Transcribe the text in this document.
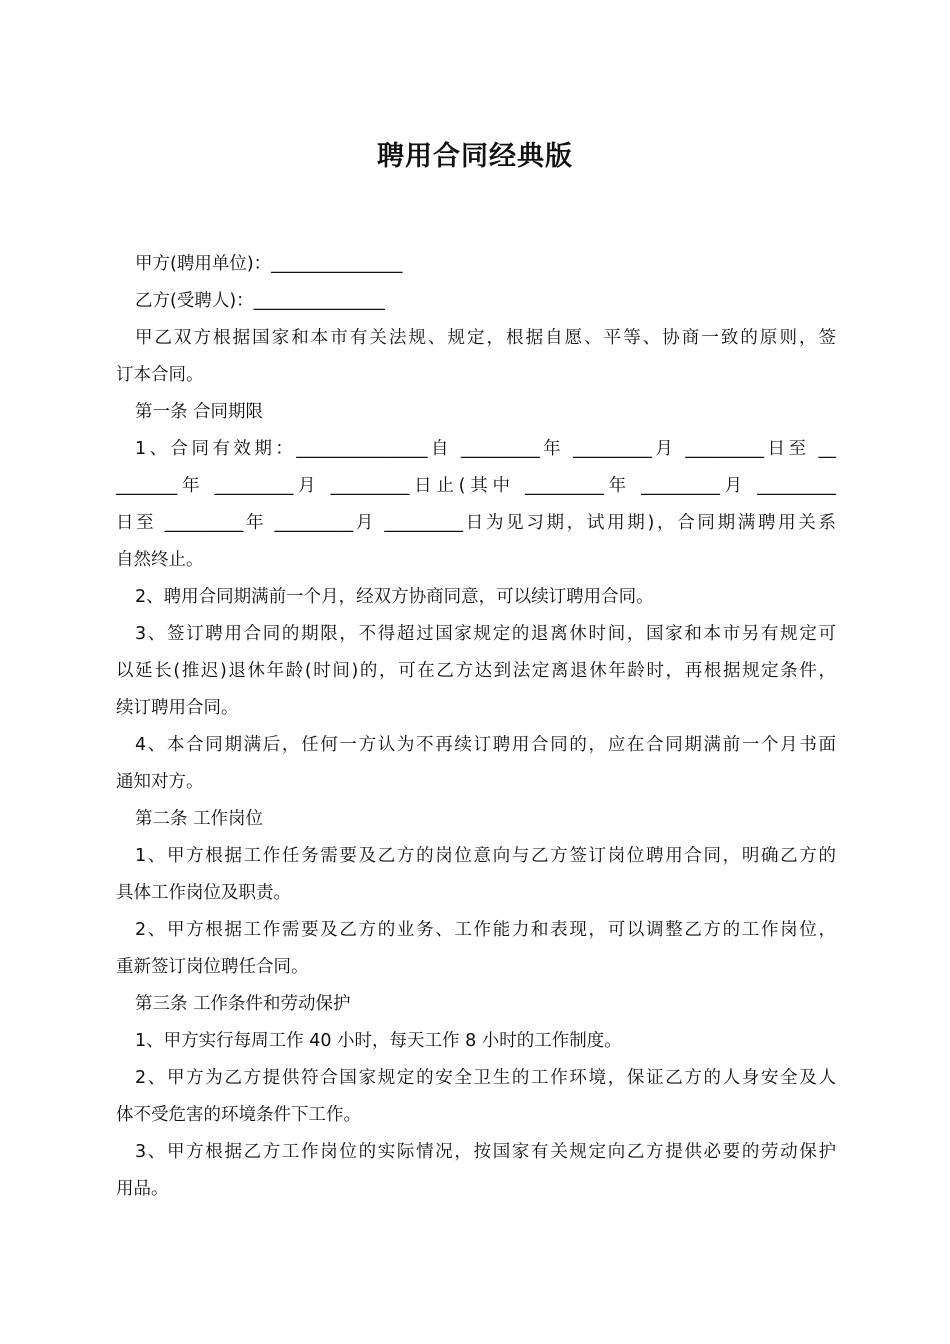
聘用合同经典版

甲方(聘用单位)：_______________

乙方(受聘人)：_______________

甲乙双方根据国家和本市有关法规、规定，根据自愿、平等、协商一致的原则，签

订本合同。

第一条 合同期限

1、合同有效期：_______________自 _________年 _________月 _________日至 __

_______年 _________月 _________日止(其中 _________年 _________月 _________

日至 _________年 _________月 _________日为见习期，试用期)，合同期满聘用关系

自然终止。

2、聘用合同期满前一个月，经双方协商同意，可以续订聘用合同。

3、签订聘用合同的期限，不得超过国家规定的退离休时间，国家和本市另有规定可

以延长(推迟)退休年龄(时间)的，可在乙方达到法定离退休年龄时，再根据规定条件，

续订聘用合同。

4、本合同期满后，任何一方认为不再续订聘用合同的，应在合同期满前一个月书面

通知对方。

第二条 工作岗位

1、甲方根据工作任务需要及乙方的岗位意向与乙方签订岗位聘用合同，明确乙方的

具体工作岗位及职责。

2、甲方根据工作需要及乙方的业务、工作能力和表现，可以调整乙方的工作岗位，

重新签订岗位聘任合同。

第三条 工作条件和劳动保护

1、甲方实行每周工作 40 小时，每天工作 8 小时的工作制度。

2、甲方为乙方提供符合国家规定的安全卫生的工作环境，保证乙方的人身安全及人

体不受危害的环境条件下工作。

3、甲方根据乙方工作岗位的实际情况，按国家有关规定向乙方提供必要的劳动保护

用品。
